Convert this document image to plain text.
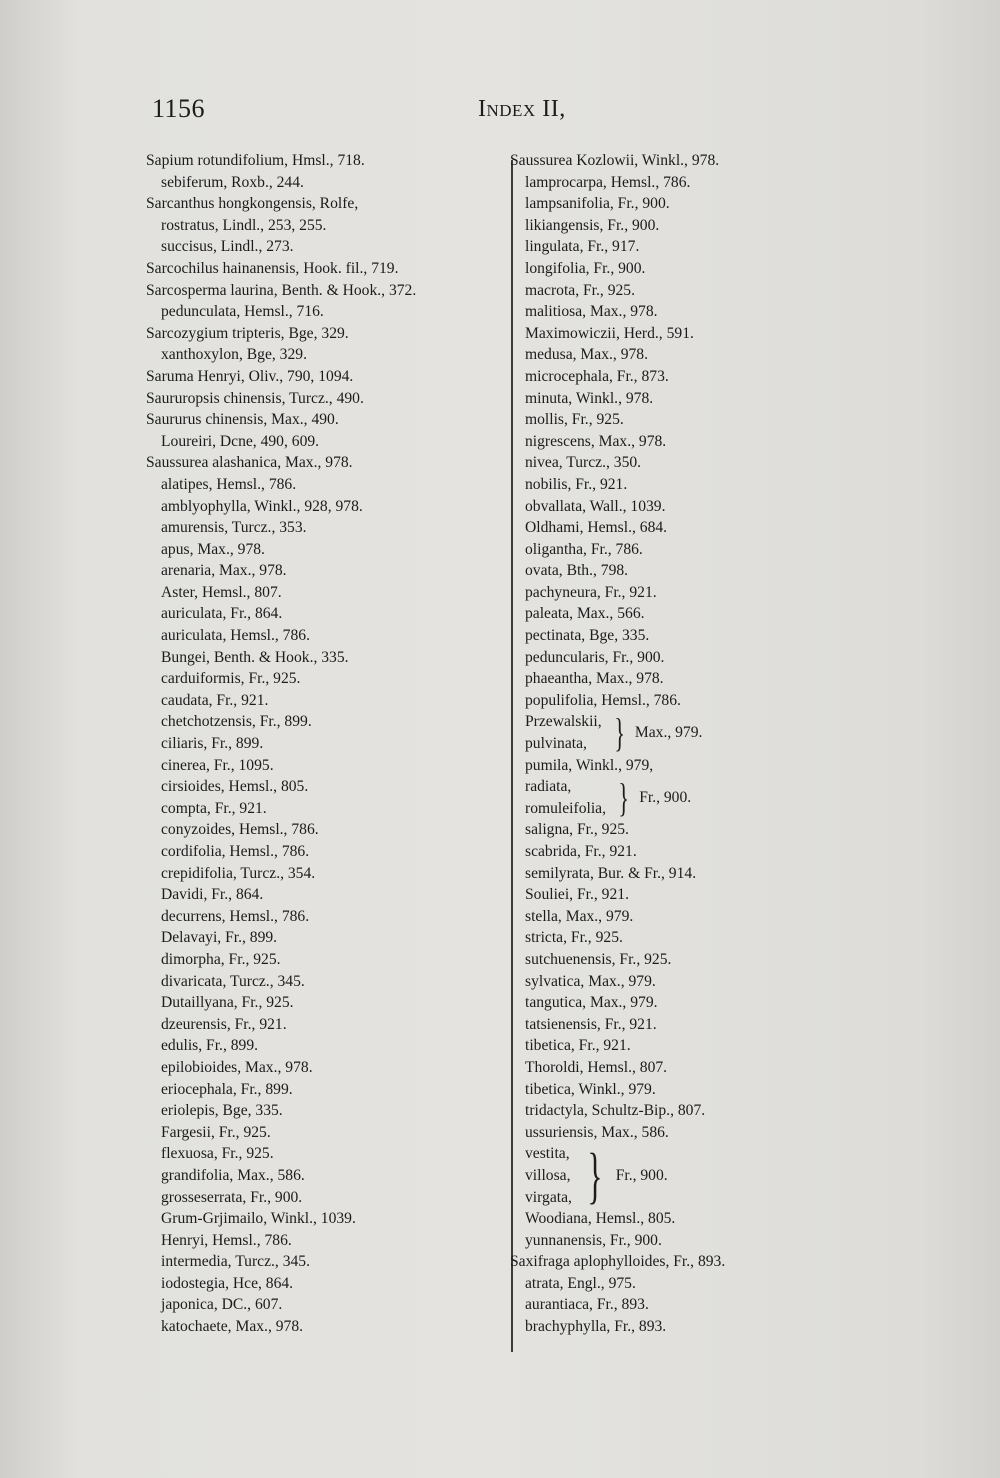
1156	Index II,
Sapium rotundifolium, Hmsl., 718.
sebiferum, Roxb., 244.
Sarcanthus hongkongensis, Rolfe,
rostratus, Lindl., 253, 255.
succisus, Lindl., 273.
Sarcochilus hainanensis, Hook. fil., 719.
Sarcosperma laurina, Benth. & Hook., 372.
pedunculata, Hemsl., 716.
Sarcozygium tripteris, Bge, 329.
xanthoxylon, Bge, 329.
Saruma Henryi, Oliv., 790, 1094.
Saururopsis chinensis, Turcz., 490.
Saururus chinensis, Max., 490.
Loureiri, Dcne, 490, 609.
Saussurea alashanica, Max., 978.
alatipes, Hemsl., 786.
amblyophylla, Winkl., 928, 978.
amurensis, Turcz., 353.
apus, Max., 978.
arenaria, Max., 978.
Aster, Hemsl., 807.
auriculata, Fr., 864.
auriculata, Hemsl., 786.
Bungei, Benth. & Hook., 335.
carduiformis, Fr., 925.
caudata, Fr., 921.
chetchotzensis, Fr., 899.
ciliaris, Fr., 899.
cinerea, Fr., 1095.
cirsioides, Hemsl., 805.
compta, Fr., 921.
conyzoides, Hemsl., 786.
cordifolia, Hemsl., 786.
crepidifolia, Turcz., 354.
Davidi, Fr., 864.
decurrens, Hemsl., 786.
Delavayi, Fr., 899.
dimorpha, Fr., 925.
divaricata, Turcz., 345.
Dutaillyana, Fr., 925.
dzeurensis, Fr., 921.
edulis, Fr., 899.
epilobioides, Max., 978.
eriocephala, Fr., 899.
eriolepis, Bge, 335.
Fargesii, Fr., 925.
flexuosa, Fr., 925.
grandifolia, Max., 586.
grosseserrata, Fr., 900.
Grum-Grjimailo, Winkl., 1039.
Henryi, Hemsl., 786.
intermedia, Turcz., 345.
iodostegia, Hce, 864.
japonica, DC., 607.
katochaete, Max., 978.
Saussurea Kozlowii, Winkl., 978.
lamprocarpa, Hemsl., 786.
lampsanifolia, Fr., 900.
likiangensis, Fr., 900.
lingulata, Fr., 917.
longifolia, Fr., 900.
macrota, Fr., 925.
malitiosa, Max., 978.
Maximowiczii, Herd., 591.
medusa, Max., 978.
microcephala, Fr., 873.
minuta, Winkl., 978.
mollis, Fr., 925.
nigrescens, Max., 978.
nivea, Turcz., 350.
nobilis, Fr., 921.
obvallata, Wall., 1039.
Oldhami, Hemsl., 684.
oligantha, Fr., 786.
ovata, Bth., 798.
pachyneura, Fr., 921.
paleata, Max., 566.
pectinata, Bge, 335.
peduncularis, Fr., 900.
phaeantha, Max., 978.
populifolia, Hemsl., 786.
Przewalskii,
pulvinata, } Max., 979.
pumila, Winkl., 979,
radiata,
romuleifolia, } Fr., 900.
saligna, Fr., 925.
scabrida, Fr., 921.
semilyrata, Bur. & Fr., 914.
Souliei, Fr., 921.
stella, Max., 979.
stricta, Fr., 925.
sutchuenensis, Fr., 925.
sylvatica, Max., 979.
tangutica, Max., 979.
tatsienensis, Fr., 921.
tibetica, Fr., 921.
Thoroldi, Hemsl., 807.
tibetica, Winkl., 979.
tridactyla, Schultz-Bip., 807.
ussuriensis, Max., 586.
vestita,
villosa,
virgata, } Fr., 900.
Woodiana, Hemsl., 805.
yunnanensis, Fr., 900.
Saxifraga aplophylloides, Fr., 893.
atrata, Engl., 975.
aurantiaca, Fr., 893.
brachyphylla, Fr., 893.
